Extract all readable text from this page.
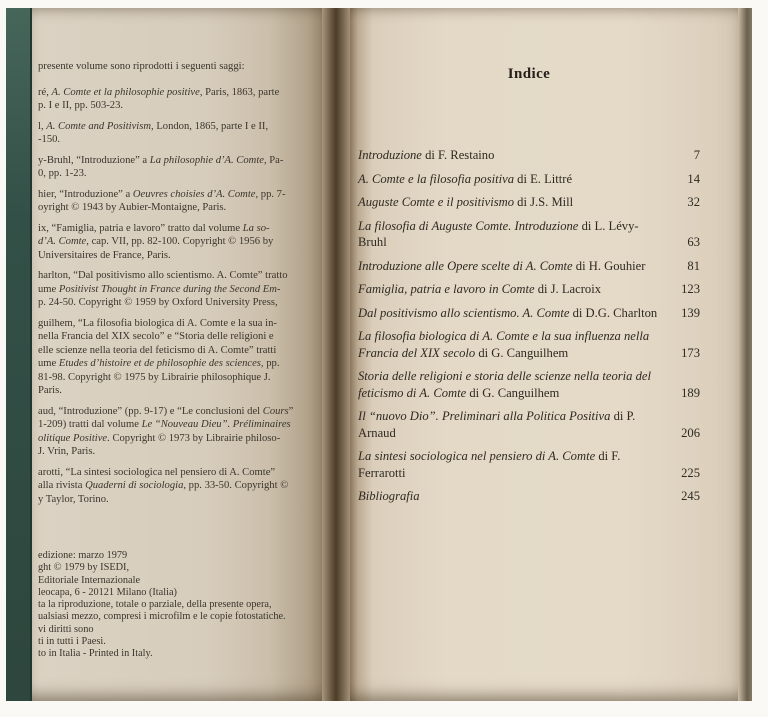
presente volume sono riprodotti i seguenti saggi:
ré, A. Comte et la philosophie positive, Paris, 1863, parte
p. I e II, pp. 503-23.
l, A. Comte and Positivism, London, 1865, parte I e II,
-150.
y-Bruhl, “Introduzione” a La philosophie d’A. Comte, Pa-
0, pp. 1-23.
hier, “Introduzione” a Oeuvres choisies d’A. Comte, pp. 7-
oyright © 1943 by Aubier-Montaigne, Paris.
ix, “Famiglia, patria e lavoro” tratto dal volume La so-
d’A. Comte, cap. VII, pp. 82-100. Copyright © 1956 by
Universitaires de France, Paris.
harlton, “Dal positivismo allo scientismo. A. Comte” tratto
ume Positivist Thought in France during the Second Em-
p. 24-50. Copyright © 1959 by Oxford University Press,
guilhem, “La filosofia biologica di A. Comte e la sua in-
nella Francia del XIX secolo” e “Storia delle religioni e
elle scienze nella teoria del feticismo di A. Comte” tratti
ume Etudes d’histoire et de philosophie des sciences, pp.
81-98. Copyright © 1975 by Librairie philosophique J.
Paris.
aud, “Introduzione” (pp. 9-17) e “Le conclusioni del Cours”
1-209) tratti dal volume Le “Nouveau Dieu”. Préliminaires
olitique Positive. Copyright © 1973 by Librairie philoso-
J. Vrin, Paris.
arotti, “La sintesi sociologica nel pensiero di A. Comte”
alla rivista Quaderni di sociologia, pp. 33-50. Copyright ©
y Taylor, Torino.
edizione: marzo 1979
ght © 1979 by ISEDI,
Editoriale Internazionale
leocapa, 6 - 20121 Milano (Italia)
ta la riproduzione, totale o parziale, della presente opera,
ualsiasi mezzo, compresi i microfilm e le copie fotostatiche.
vi diritti sono
ti in tutti i Paesi.
to in Italia - Printed in Italy.
Indice
Introduzione di F. Restaino	7
A. Comte e la filosofia positiva di E. Littré	14
Auguste Comte e il positivismo di J.S. Mill	32
La filosofia di Auguste Comte. Introduzione di L. Lévy-Bruhl	63
Introduzione alle Opere scelte di A. Comte di H. Gouhier	81
Famiglia, patria e lavoro in Comte di J. Lacroix	123
Dal positivismo allo scientismo. A. Comte di D.G. Charlton	139
La filosofia biologica di A. Comte e la sua influenza nella Francia del XIX secolo di G. Canguilhem	173
Storia delle religioni e storia delle scienze nella teoria del feticismo di A. Comte di G. Canguilhem	189
Il “nuovo Dio”. Preliminari alla Politica Positiva di P. Arnaud	206
La sintesi sociologica nel pensiero di A. Comte di F. Ferrarotti	225
Bibliografia	245
